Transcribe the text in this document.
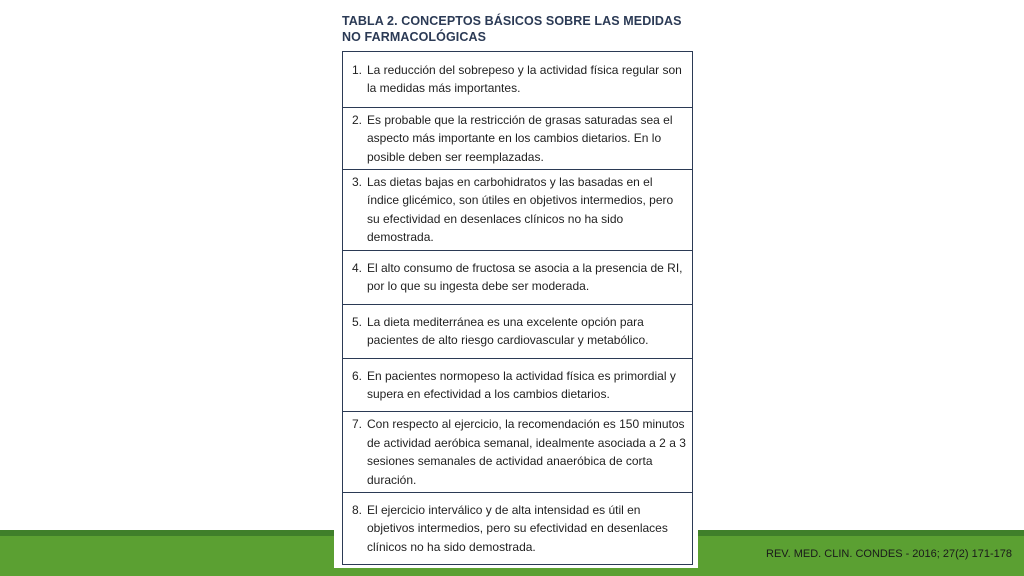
REV. MED. CLIN. CONDES - 2016; 27(2) 171-178
TABLA 2. CONCEPTOS BÁSICOS SOBRE LAS MEDIDAS NO FARMACOLÓGICAS
1. La reducción del sobrepeso y la actividad física regular son la medidas más importantes.
2. Es probable que la restricción de grasas saturadas sea el aspecto más importante en los cambios dietarios. En lo posible deben ser reemplazadas.
3. Las dietas bajas en carbohidratos y las basadas en el índice glicémico, son útiles en objetivos intermedios, pero su efectividad en desenlaces clínicos no ha sido demostrada.
4. El alto consumo de fructosa se asocia a la presencia de RI, por lo que su ingesta debe ser moderada.
5. La dieta mediterránea es una excelente opción para pacientes de alto riesgo cardiovascular y metabólico.
6. En pacientes normopeso la actividad física es primordial y supera en efectividad a los cambios dietarios.
7. Con respecto al ejercicio, la recomendación es 150 minutos de actividad aeróbica semanal, idealmente asociada a 2 a 3 sesiones semanales de actividad anaeróbica de corta duración.
8. El ejercicio interválico y de alta intensidad es útil en objetivos intermedios, pero su efectividad en desenlaces clínicos no ha sido demostrada.
